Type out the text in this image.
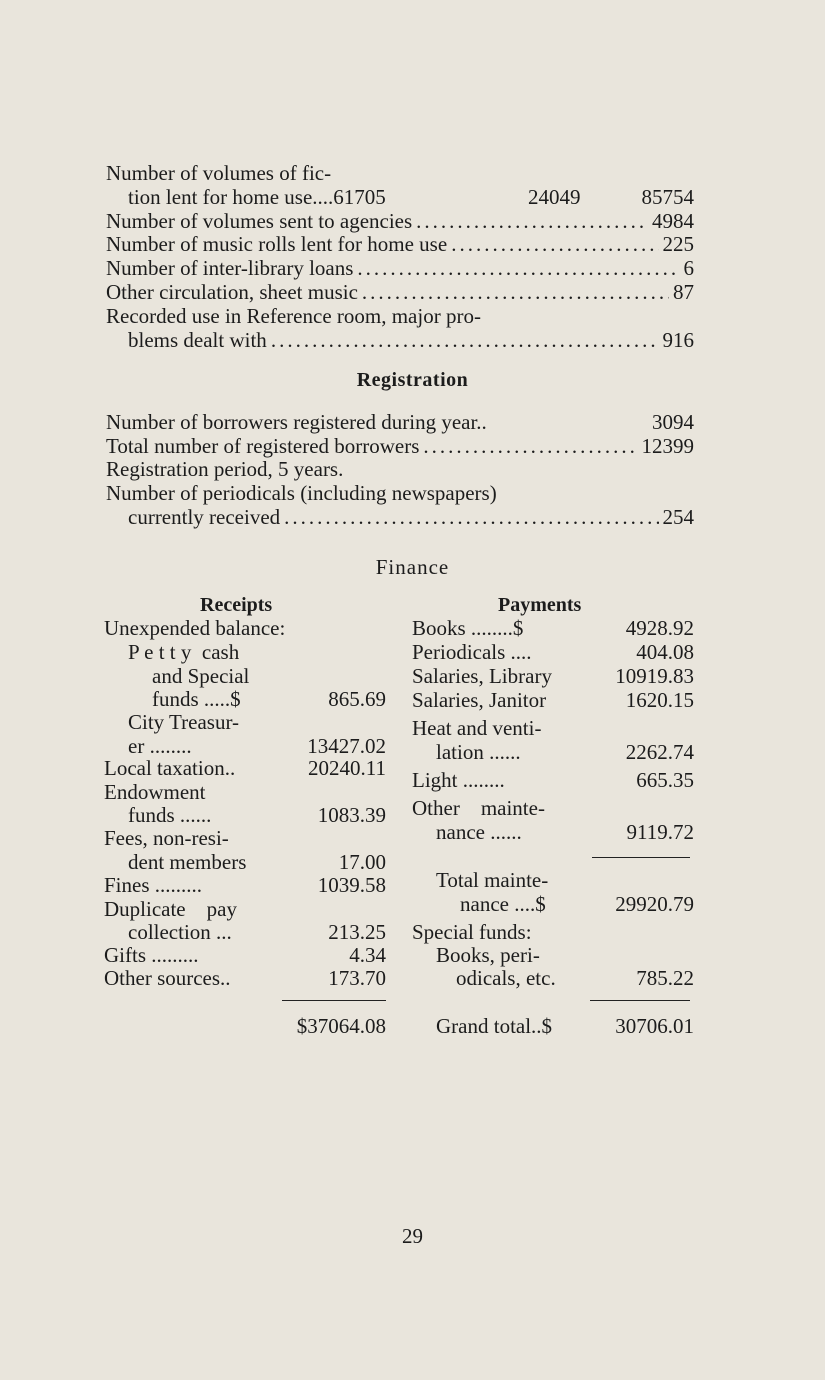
Number of volumes of fic-
tion lent for home use....61705	24049	85754
Number of volumes sent to agencies .....	4984
Number of music rolls lent for home use .....	225
Number of inter-library loans .....	6
Other circulation, sheet music .....	87
Recorded use in Reference room, major pro-
blems dealt with .....	916
Registration
Number of borrowers registered during year..	3094
Total number of registered borrowers .....	12399
Registration period, 5 years.
Number of periodicals (including newspapers)
currently received .....	254
Finance
Receipts
Unexpended balance:
P e t t y  cash
and Special
funds .....$	865.69
City Treasur-
er ........	13427.02
Local taxation..	20240.11
Endowment
funds ......	1083.39
Fees, non-resi-
dent members	17.00
Fines .........	1039.58
Duplicate    pay
collection ...	213.25
Gifts .........	4.34
Other sources..	173.70
$37064.08
Payments
Books ........$	4928.92
Periodicals ....	404.08
Salaries, Library	10919.83
Salaries, Janitor	1620.15
Heat and venti-
lation ......	2262.74
Light ........	665.35
Other    mainte-
nance ......	9119.72
Total mainte-
nance ....$	29920.79
Special funds:
Books, peri-
odicals, etc.	785.22
Grand total..$	30706.01
29
